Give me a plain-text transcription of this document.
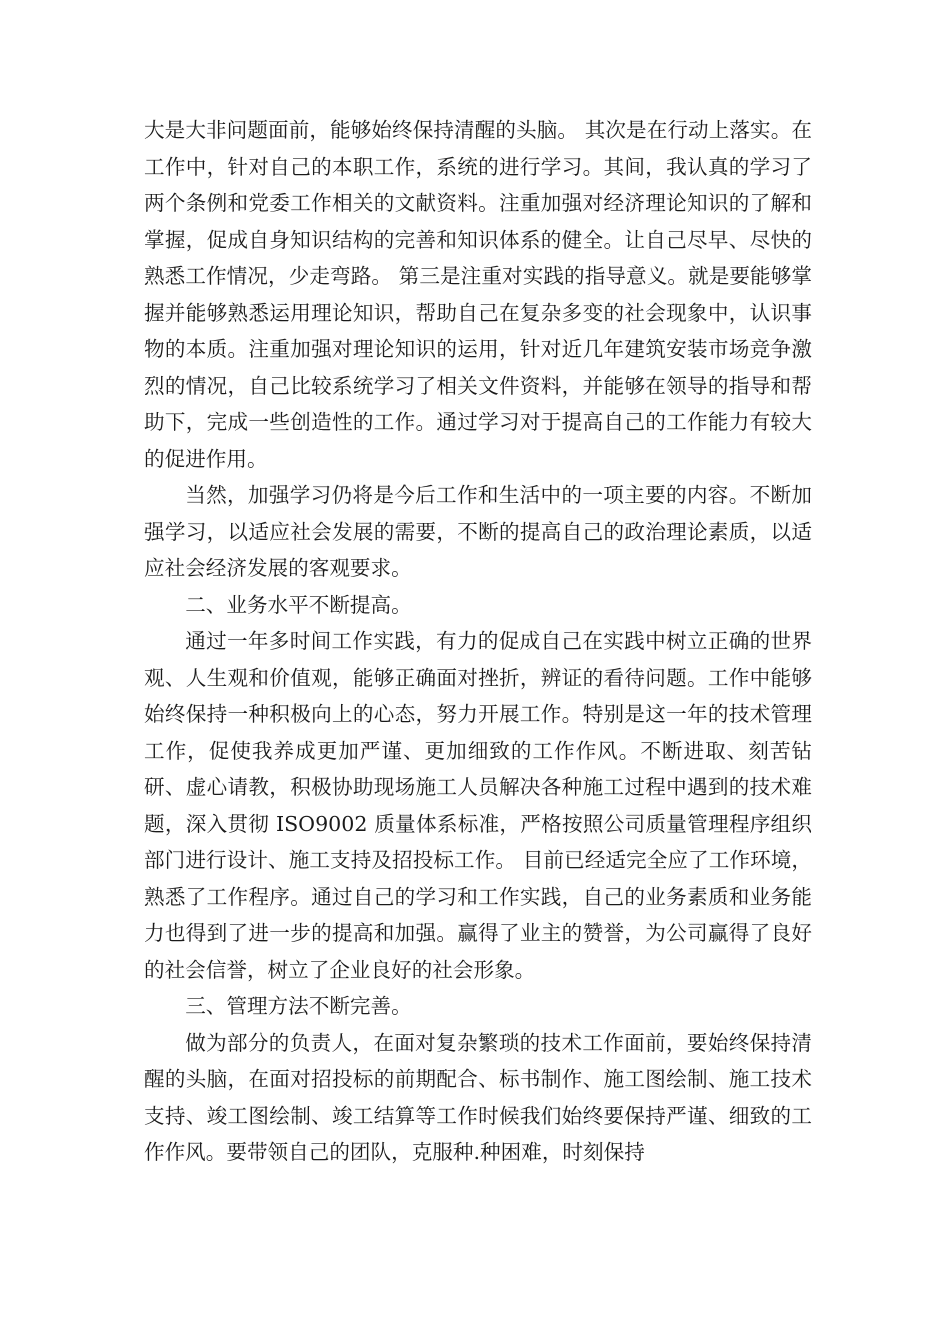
大是大非问题面前，能够始终保持清醒的头脑。 其次是在行动上落实。在工作中，针对自己的本职工作，系统的进行学习。其间，我认真的学习了两个条例和党委工作相关的文献资料。注重加强对经济理论知识的了解和掌握，促成自身知识结构的完善和知识体系的健全。让自己尽早、尽快的熟悉工作情况，少走弯路。 第三是注重对实践的指导意义。就是要能够掌握并能够熟悉运用理论知识，帮助自己在复杂多变的社会现象中，认识事物的本质。注重加强对理论知识的运用，针对近几年建筑安装市场竞争激烈的情况，自己比较系统学习了相关文件资料，并能够在领导的指导和帮助下，完成一些创造性的工作。通过学习对于提高自己的工作能力有较大的促进作用。

当然，加强学习仍将是今后工作和生活中的一项主要的内容。不断加强学习，以适应社会发展的需要，不断的提高自己的政治理论素质，以适应社会经济发展的客观要求。

二、业务水平不断提高。

通过一年多时间工作实践，有力的促成自己在实践中树立正确的世界观、人生观和价值观，能够正确面对挫折，辨证的看待问题。工作中能够始终保持一种积极向上的心态，努力开展工作。特别是这一年的技术管理工作，促使我养成更加严谨、更加细致的工作作风。不断进取、刻苦钻研、虚心请教，积极协助现场施工人员解决各种施工过程中遇到的技术难题，深入贯彻 ISO9002 质量体系标准，严格按照公司质量管理程序组织部门进行设计、施工支持及招投标工作。 目前已经适完全应了工作环境，熟悉了工作程序。通过自己的学习和工作实践，自己的业务素质和业务能力也得到了进一步的提高和加强。赢得了业主的赞誉，为公司赢得了良好的社会信誉，树立了企业良好的社会形象。

三、管理方法不断完善。

做为部分的负责人，在面对复杂繁琐的技术工作面前，要始终保持清醒的头脑，在面对招投标的前期配合、标书制作、施工图绘制、施工技术支持、竣工图绘制、竣工结算等工作时候我们始终要保持严谨、细致的工作作风。要带领自己的团队，克服种.种困难，时刻保持
